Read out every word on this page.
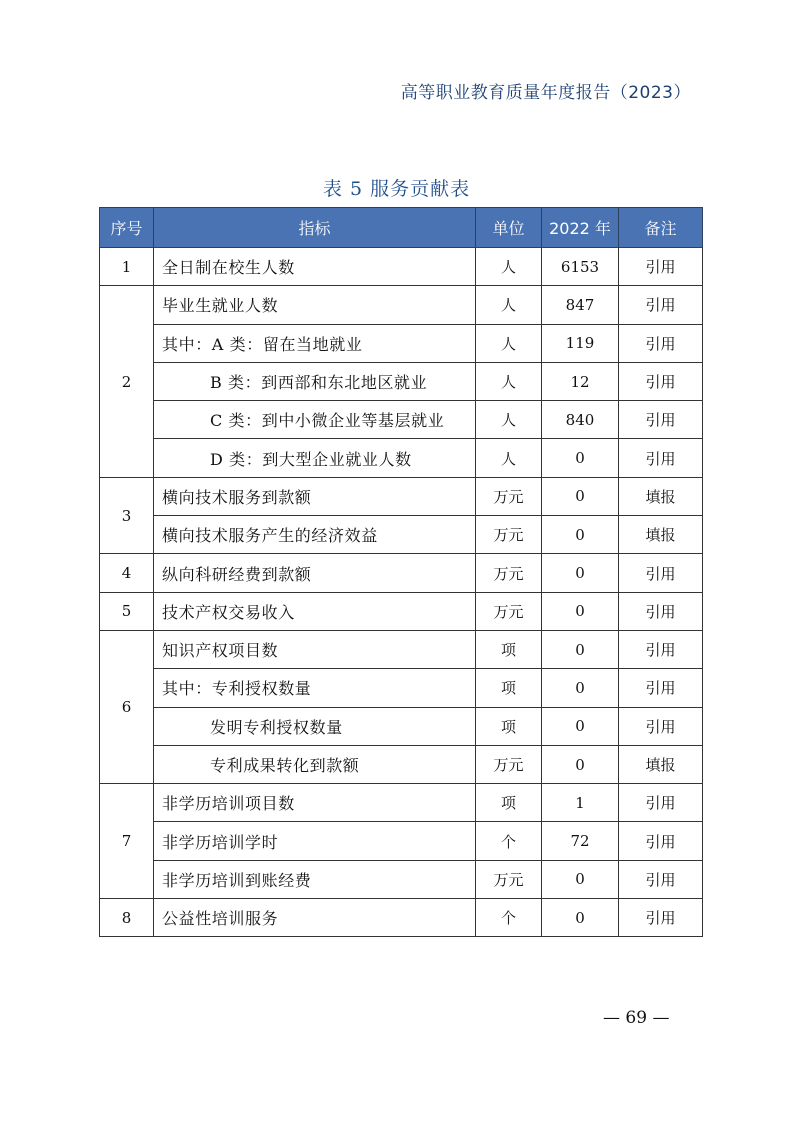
高等职业教育质量年度报告（2023）
表 5 服务贡献表
序号	指标	单位	2022 年	备注
1	全日制在校生人数	人	6153	引用
2	毕业生就业人数	人	847	引用
	其中：A 类：留在当地就业	人	119	引用
	B 类：到西部和东北地区就业	人	12	引用
	C 类：到中小微企业等基层就业	人	840	引用
	D 类：到大型企业就业人数	人	0	引用
3	横向技术服务到款额	万元	0	填报
	横向技术服务产生的经济效益	万元	0	填报
4	纵向科研经费到款额	万元	0	引用
5	技术产权交易收入	万元	0	引用
6	知识产权项目数	项	0	引用
	其中：专利授权数量	项	0	引用
	发明专利授权数量	项	0	引用
	专利成果转化到款额	万元	0	填报
7	非学历培训项目数	项	1	引用
	非学历培训学时	个	72	引用
	非学历培训到账经费	万元	0	引用
8	公益性培训服务	个	0	引用
— 69 —
